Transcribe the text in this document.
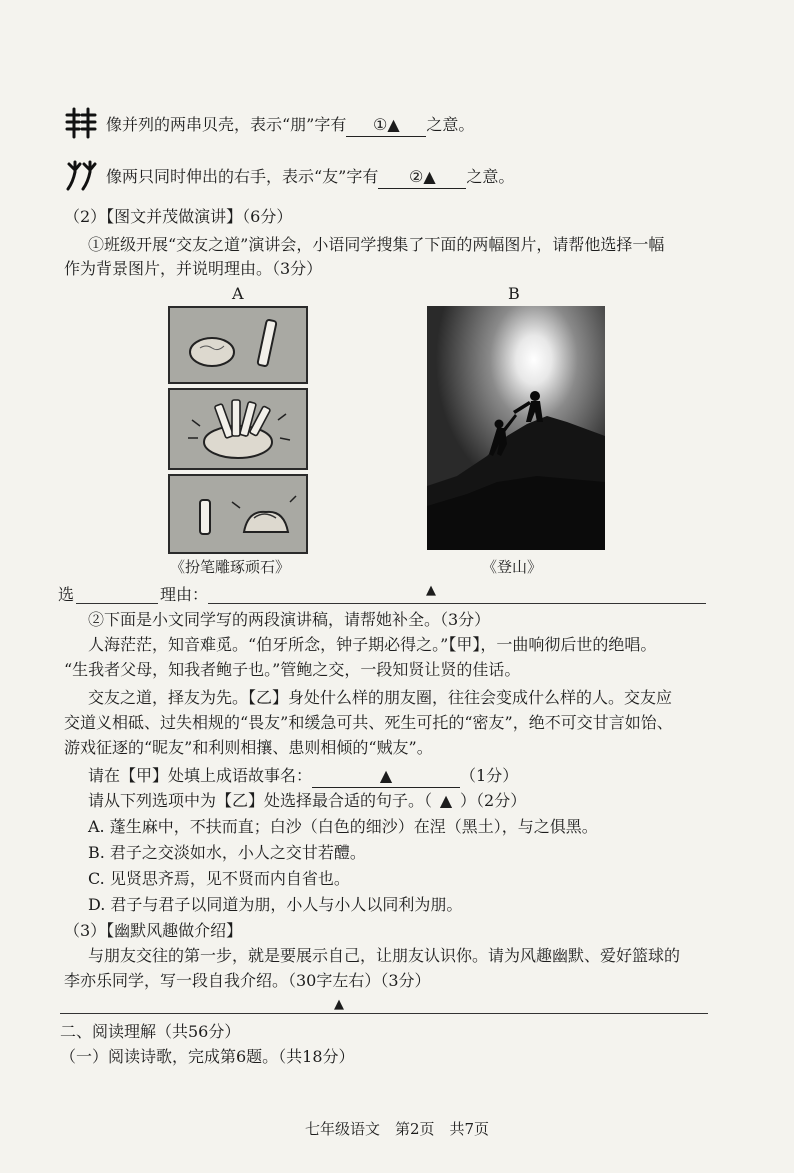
像并列的两串贝壳，表示“朋”字有 ①▲ 之意。
像两只同时伸出的右手，表示“友”字有 ②▲ 之意。
（2）【图文并茂做演讲】（6分）
①班级开展“交友之道”演讲会，小语同学搜集了下面的两幅图片，请帮他选择一幅
作为背景图片，并说明理由。（3分）
A	B
《扮笔雕琢顽石》	《登山》
选	理由：	▲
②下面是小文同学写的两段演讲稿，请帮她补全。（3分）
人海茫茫，知音难觅。“伯牙所念，钟子期必得之。”【甲】，一曲响彻后世的绝唱。
“生我者父母，知我者鲍子也。”管鲍之交，一段知贤让贤的佳话。
交友之道，择友为先。【乙】身处什么样的朋友圈，往往会变成什么样的人。交友应
交道义相砥、过失相规的“畏友”和缓急可共、死生可托的“密友”，绝不可交甘言如饴、
游戏征逐的“昵友”和利则相攘、患则相倾的“贼友”。
请在【甲】处填上成语故事名：	▲	（1分）
请从下列选项中为【乙】处选择最合适的句子。（ ▲ ）（2分）
A. 蓬生麻中，不扶而直；白沙（白色的细沙）在涅（黑土），与之俱黑。
B. 君子之交淡如水，小人之交甘若醴。
C. 见贤思齐焉，见不贤而内自省也。
D. 君子与君子以同道为朋，小人与小人以同利为朋。
（3）【幽默风趣做介绍】
与朋友交往的第一步，就是要展示自己，让朋友认识你。请为风趣幽默、爱好篮球的
李亦乐同学，写一段自我介绍。（30字左右）（3分）
▲
二、阅读理解（共56分）
（一）阅读诗歌，完成第6题。（共18分）
七年级语文　第2页　共7页
